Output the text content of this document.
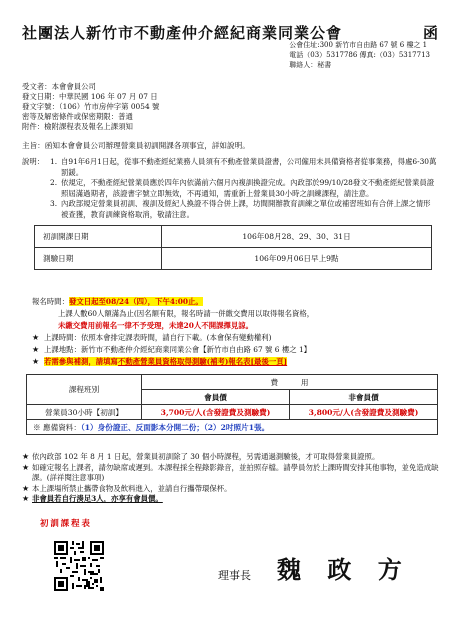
社團法人新竹市不動產仲介經紀商業同業公會	函
公會住址:300 新竹市自由路 67 號 6 樓之 1
電話（03）5317786 傳真:（03）5317713
聯絡人：秘書
受文者：本會會員公司
發文日期：中華民國 106 年 07 月 07 日
發文字號：（106）竹市房仲字第 0054 號
密等及解密條件或保密期限：普通
附件：檢附課程表及報名上課須知
主旨：函知本會會員公司辦理營業員初訓開課各項事宜，詳如說明。
說明： 1. 自91年6月1日起，從事不動產經紀業務人員須有不動產營業員證書，公司僱用未具備資格者從事業務，得處6-30萬罰鍰。
2. 依規定，不動產經紀營業員應於四年內依滿前六個月內複訓換證完成。內政部於99/10/28發文不動產經紀營業員證照屆滿過期者，該證書字號立即無效，不再通知，需重新上營業員30小時之訓練課程，請注意。
3. 內政部規定營業員初訓、複訓及經紀人換證不得合併上課，坊間開辦教育訓練之單位或補習班如有合併上課之情形被查獲，教育訓練資格取消，敬請注意。
初訓開課日期	106年08月28、29、30、31日
測驗日期	106年09月06日早上9點
報名時間：發文日起至08/24（四），下午4:00止。
上課人數60人額滿為止(因名額有限，報名時請一併繳交費用以取得報名資格，
未繳交費用前報名一律不予受理，未達20人不開課擇見諒。
★ 上課時間：依照本會排定課表時間，請自行下載。(本會保有變動權利)
★ 上課地點：新竹市不動產仲介經紀商業同業公會【新竹市自由路 67 號 6 樓之 1】
★ 若需參與補測，請填寫不動產營業員資格取得測驗(補考)報名表[最後一頁]
課程班別	費　　　用	
	會員價	非會員價
營業員30小時【初訓】	3,700元/人(含發證費及測驗費)	3,800元/人(含發證費及測驗費)
※ 應備資料：（1）身份證正、反面影本分開二份；（2）2吋照片1張。		
★ 依內政部 102 年 8 月 1 日起，營業員初訓除了 30 個小時課程，另需通過測驗後，才可取得營業員證照。
★ 如確定報名上課者，請勿缺席或遲到。本課程採全程錄影錄音，並拍照存檔。請學員勿於上課時間安排其他事物，並免造成缺課。(詳祥閱注意事項)
★ 本上課場所禁止攜帶食物及飲料進入，並請自行攜帶環保杯。
★ 非會員若自行湊足3人，亦享有會員價。
初訓課程表
理事長 魏 政 方
